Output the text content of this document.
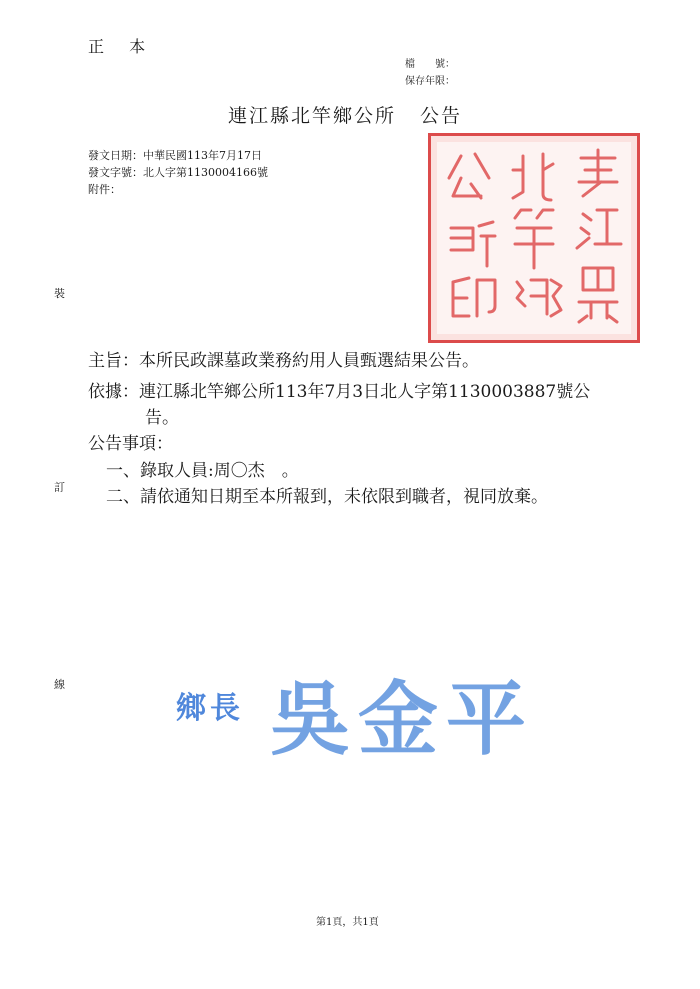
正 本
檔　　號：
保存年限：
連江縣北竿鄉公所 公告
發文日期：中華民國113年7月17日
發文字號：北人字第1130004166號
附件：
裝
訂
線
主旨：本所民政課墓政業務約用人員甄選結果公告。
依據：連江縣北竿鄉公所113年7月3日北人字第1130003887號公
告。
公告事項：
一、錄取人員:周〇杰　。
二、請依通知日期至本所報到，未依限到職者，視同放棄。
鄉長 吳金平
第1頁，共1頁
